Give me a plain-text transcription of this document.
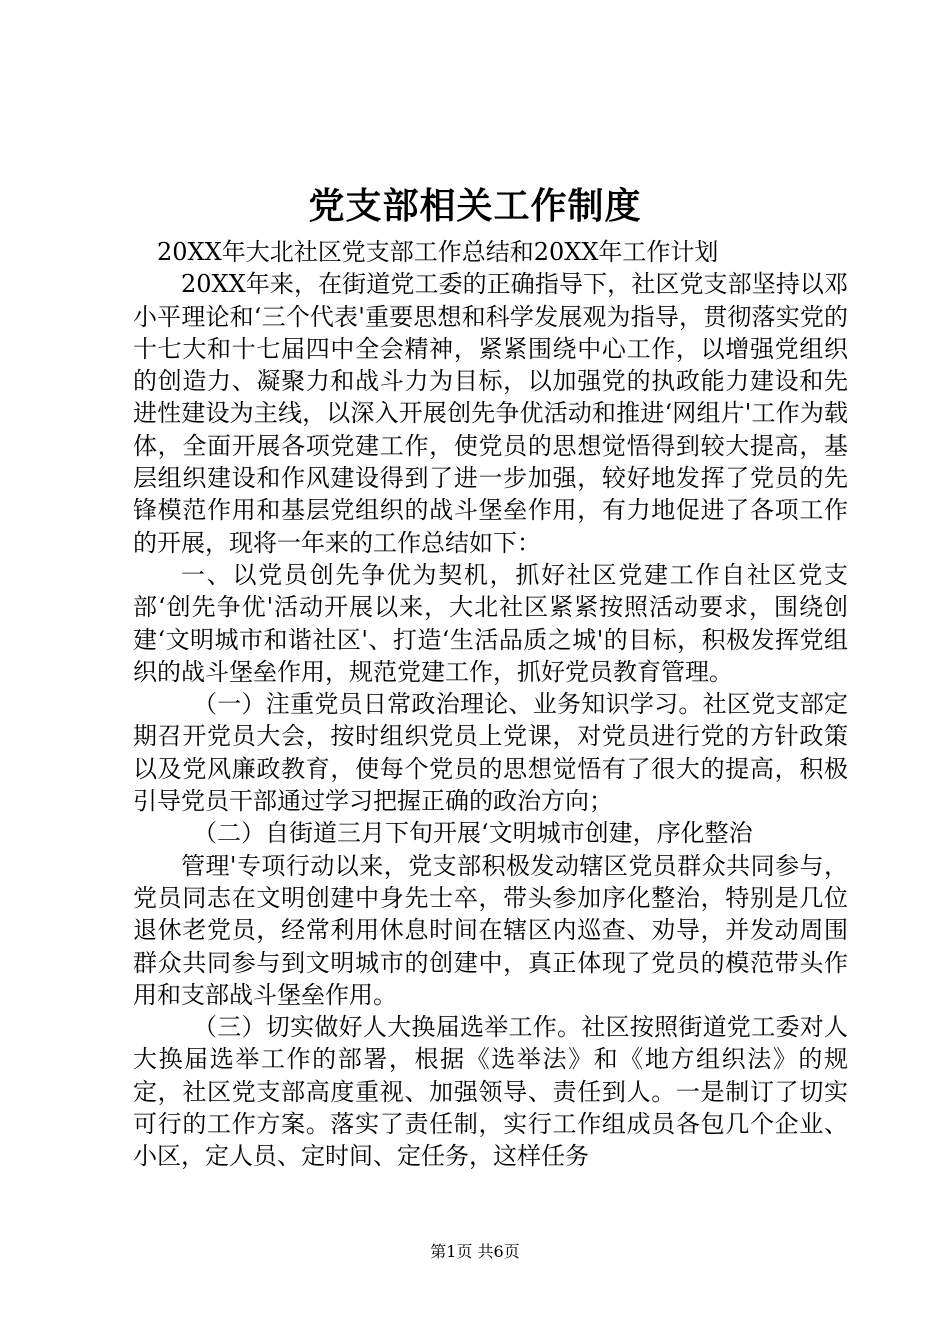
党支部相关工作制度

20XX年大北社区党支部工作总结和20XX年工作计划

20XX年来，在街道党工委的正确指导下，社区党支部坚持以邓小平理论和‘三个代表'重要思想和科学发展观为指导，贯彻落实党的十七大和十七届四中全会精神，紧紧围绕中心工作，以增强党组织的创造力、凝聚力和战斗力为目标，以加强党的执政能力建设和先进性建设为主线，以深入开展创先争优活动和推进‘网组片'工作为载体，全面开展各项党建工作，使党员的思想觉悟得到较大提高，基层组织建设和作风建设得到了进一步加强，较好地发挥了党员的先锋模范作用和基层党组织的战斗堡垒作用，有力地促进了各项工作的开展，现将一年来的工作总结如下：

一、以党员创先争优为契机，抓好社区党建工作自社区党支部‘创先争优'活动开展以来，大北社区紧紧按照活动要求，围绕创建‘文明城市和谐社区'、打造‘生活品质之城'的目标，积极发挥党组织的战斗堡垒作用，规范党建工作，抓好党员教育管理。

（一）注重党员日常政治理论、业务知识学习。社区党支部定期召开党员大会，按时组织党员上党课，对党员进行党的方针政策以及党风廉政教育，使每个党员的思想觉悟有了很大的提高，积极引导党员干部通过学习把握正确的政治方向；

（二）自街道三月下旬开展‘文明城市创建，序化整治

管理'专项行动以来，党支部积极发动辖区党员群众共同参与，党员同志在文明创建中身先士卒，带头参加序化整治，特别是几位退休老党员，经常利用休息时间在辖区内巡查、劝导，并发动周围群众共同参与到文明城市的创建中，真正体现了党员的模范带头作用和支部战斗堡垒作用。

（三）切实做好人大换届选举工作。社区按照街道党工委对人大换届选举工作的部署，根据《选举法》和《地方组织法》的规定，社区党支部高度重视、加强领导、责任到人。一是制订了切实可行的工作方案。落实了责任制，实行工作组成员各包几个企业、小区，定人员、定时间、定任务，这样任务

第1页 共6页
